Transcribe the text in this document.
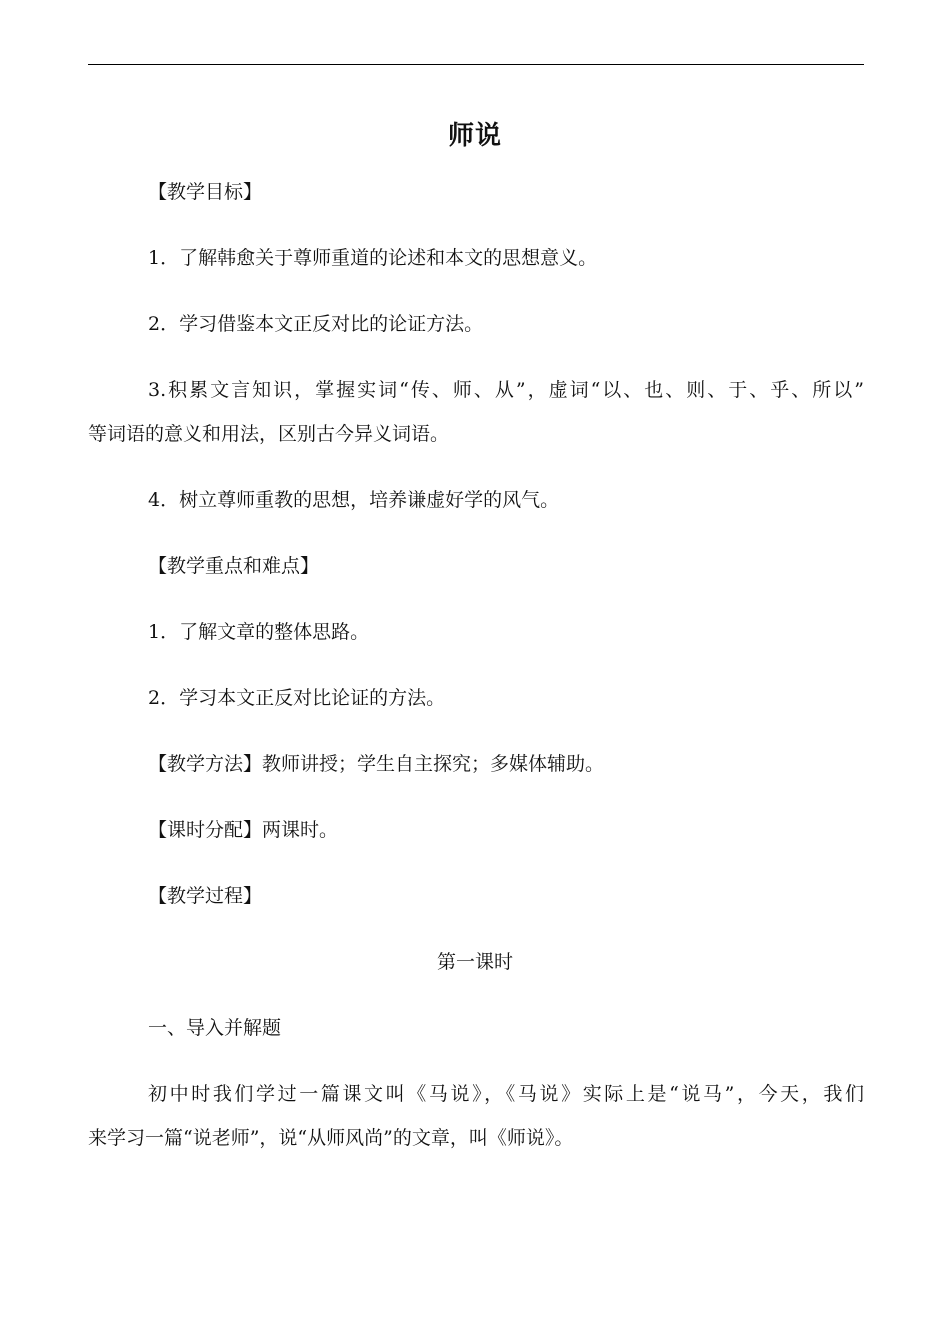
师说
【教学目标】
1．了解韩愈关于尊师重道的论述和本文的思想意义。
2．学习借鉴本文正反对比的论证方法。
3.积累文言知识，掌握实词“传、师、从”，虚词“以、也、则、于、乎、所以”
等词语的意义和用法，区别古今异义词语。
4．树立尊师重教的思想，培养谦虚好学的风气。
【教学重点和难点】
1．了解文章的整体思路。
2．学习本文正反对比论证的方法。
【教学方法】教师讲授；学生自主探究；多媒体辅助。
【课时分配】两课时。
【教学过程】
第一课时
一、导入并解题
初中时我们学过一篇课文叫《马说》，《马说》实际上是“说马”，今天，我们
来学习一篇“说老师”，说“从师风尚”的文章，叫《师说》。
